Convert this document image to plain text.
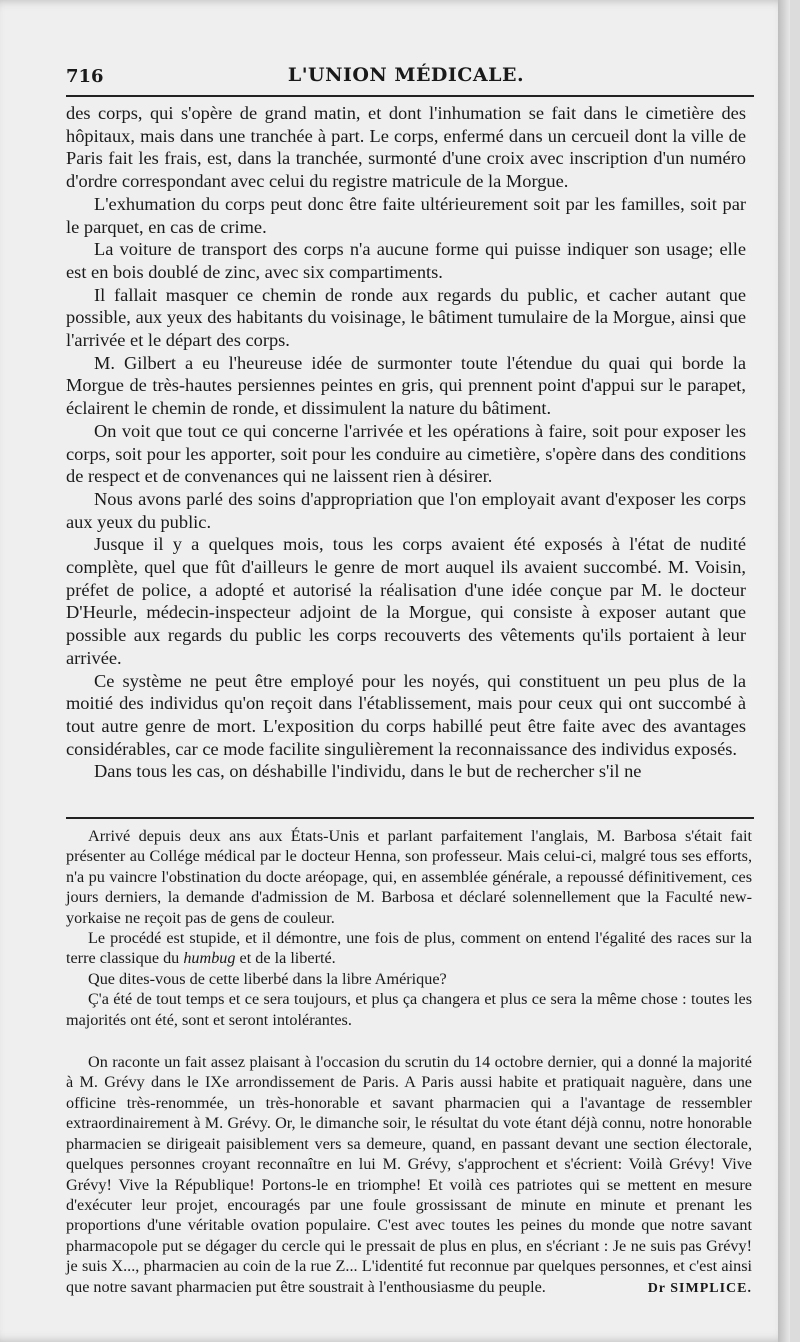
716	L'UNION MÉDICALE.

des corps, qui s'opère de grand matin, et dont l'inhumation se fait dans le cimetière des hôpitaux, mais dans une tranchée à part. Le corps, enfermé dans un cercueil dont la ville de Paris fait les frais, est, dans la tranchée, surmonté d'une croix avec inscription d'un numéro d'ordre correspondant avec celui du registre matricule de la Morgue.

L'exhumation du corps peut donc être faite ultérieurement soit par les familles, soit par le parquet, en cas de crime.

La voiture de transport des corps n'a aucune forme qui puisse indiquer son usage; elle est en bois doublé de zinc, avec six compartiments.

Il fallait masquer ce chemin de ronde aux regards du public, et cacher autant que possible, aux yeux des habitants du voisinage, le bâtiment tumulaire de la Morgue, ainsi que l'arrivée et le départ des corps.

M. Gilbert a eu l'heureuse idée de surmonter toute l'étendue du quai qui borde la Morgue de très-hautes persiennes peintes en gris, qui prennent point d'appui sur le parapet, éclairent le chemin de ronde, et dissimulent la nature du bâtiment.

On voit que tout ce qui concerne l'arrivée et les opérations à faire, soit pour exposer les corps, soit pour les apporter, soit pour les conduire au cimetière, s'opère dans des conditions de respect et de convenances qui ne laissent rien à désirer.

Nous avons parlé des soins d'appropriation que l'on employait avant d'exposer les corps aux yeux du public.

Jusque il y a quelques mois, tous les corps avaient été exposés à l'état de nudité complète, quel que fût d'ailleurs le genre de mort auquel ils avaient succombé. M. Voisin, préfet de police, a adopté et autorisé la réalisation d'une idée conçue par M. le docteur D'Heurle, médecin-inspecteur adjoint de la Morgue, qui consiste à exposer autant que possible aux regards du public les corps recouverts des vêtements qu'ils portaient à leur arrivée.

Ce système ne peut être employé pour les noyés, qui constituent un peu plus de la moitié des individus qu'on reçoit dans l'établissement, mais pour ceux qui ont succombé à tout autre genre de mort. L'exposition du corps habillé peut être faite avec des avantages considérables, car ce mode facilite singulièrement la reconnaissance des individus exposés.

Dans tous les cas, on déshabille l'individu, dans le but de rechercher s'il ne

Arrivé depuis deux ans aux États-Unis et parlant parfaitement l'anglais, M. Barbosa s'était fait présenter au Collége médical par le docteur Henna, son professeur. Mais celui-ci, malgré tous ses efforts, n'a pu vaincre l'obstination du docte aréopage, qui, en assemblée générale, a repoussé définitivement, ces jours derniers, la demande d'admission de M. Barbosa et déclaré solennellement que la Faculté new-yorkaise ne reçoit pas de gens de couleur.

Le procédé est stupide, et il démontre, une fois de plus, comment on entend l'égalité des races sur la terre classique du humbug et de la liberté.

Que dites-vous de cette liberbé dans la libre Amérique?

Ç'a été de tout temps et ce sera toujours, et plus ça changera et plus ce sera la même chose : toutes les majorités ont été, sont et seront intolérantes.

On raconte un fait assez plaisant à l'occasion du scrutin du 14 octobre dernier, qui a donné la majorité à M. Grévy dans le IXe arrondissement de Paris. A Paris aussi habite et pratiquait naguère, dans une officine très-renommée, un très-honorable et savant pharmacien qui a l'avantage de ressembler extraordinairement à M. Grévy. Or, le dimanche soir, le résultat du vote étant déjà connu, notre honorable pharmacien se dirigeait paisiblement vers sa demeure, quand, en passant devant une section électorale, quelques personnes croyant reconnaître en lui M. Grévy, s'approchent et s'écrient: Voilà Grévy! Vive Grévy! Vive la République! Portons-le en triomphe! Et voilà ces patriotes qui se mettent en mesure d'exécuter leur projet, encouragés par une foule grossissant de minute en minute et prenant les proportions d'une véritable ovation populaire. C'est avec toutes les peines du monde que notre savant pharmacopole put se dégager du cercle qui le pressait de plus en plus, en s'écriant : Je ne suis pas Grévy! je suis X..., pharmacien au coin de la rue Z... L'identité fut reconnue par quelques personnes, et c'est ainsi que notre savant pharmacien put être soustrait à l'enthousiasme du peuple.	Dr SIMPLICE.
